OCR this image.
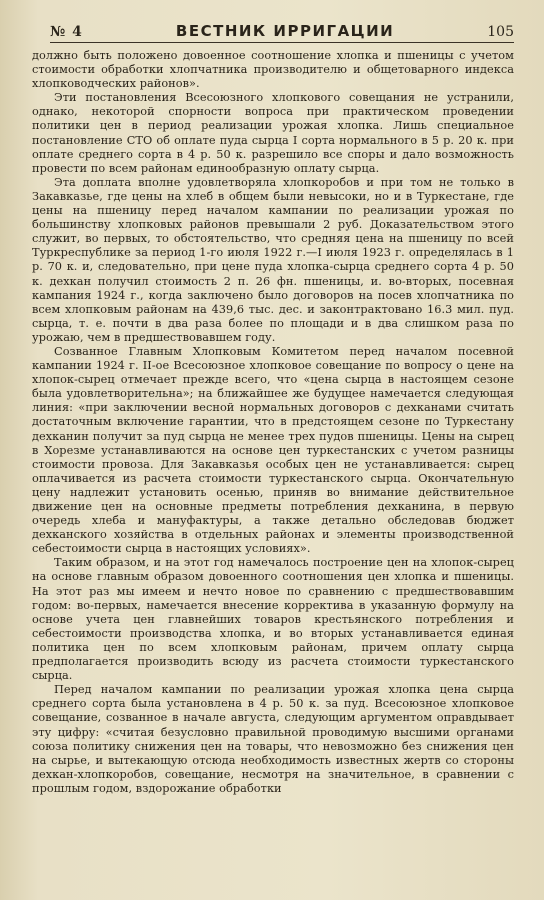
№ 4	ВЕСТНИК ИРРИГАЦИИ	105

должно быть положено довоенное соотношение хлопка и пшеницы с учетом стоимости обработки хлопчатника производителю и общетоварного индекса хлопководческих районов».

Эти постановления Всесоюзного хлопкового совещания не устранили, однако, некоторой спорности вопроса при практическом проведении политики цен в период реализации урожая хлопка. Лишь специальное постановление СТО об оплате пуда сырца I сорта нормального в 5 р. 20 к. при оплате среднего сорта в 4 р. 50 к. разрешило все споры и дало возможность провести по всем районам единообразную оплату сырца.

Эта доплата вполне удовлетворяла хлопкоробов и при том не только в Закавказье, где цены на хлеб в общем были невысоки, но и в Туркестане, где цены на пшеницу перед началом кампании по реализации урожая по большинству хлопковых районов превышали 2 руб. Доказательством этого служит, во первых, то обстоятельство, что средняя цена на пшеницу по всей Туркреспублике за период 1-го июля 1922 г.—I июля 1923 г. определялась в 1 р. 70 к. и, следовательно, при цене пуда хлопка-сырца среднего сорта 4 р. 50 к. дехкан получил стоимость 2 п. 26 фн. пшеницы, и. во-вторых, посевная кампания 1924 г., когда заключено было договоров на посев хлопчатника по всем хлопковым районам на 439,6 тыс. дес. и законтрактовано 16.3 мил. пуд. сырца, т. е. почти в два раза более по площади и в два слишком раза по урожаю, чем в предшествовавшем году.

Созванное Главным Хлопковым Комитетом перед началом посевной кампании 1924 г. II-ое Всесоюзное хлопковое совещание по вопросу о цене на хлопок-сырец отмечает прежде всего, что «цена сырца в настоящем сезоне была удовлетворительна»; на ближайшее же будущее намечается следующая линия: «при заключении весной нормальных договоров с дехканами считать достаточным включение гарантии, что в предстоящем сезоне по Туркестану дехканин получит за пуд сырца не менее трех пудов пшеницы. Цены на сырец в Хорезме устанавливаются на основе цен туркестанских с учетом разницы стоимости провоза. Для Закавказья особых цен не устанавливается: сырец оплачивается из расчета стоимости туркестанского сырца. Окончательную цену надлежит установить осенью, приняв во внимание действительное движение цен на основные предметы потребления дехканина, в первую очередь хлеба и мануфактуры, а также детально обследовав бюджет дехканского хозяйства в отдельных районах и элементы производственной себестоимости сырца в настоящих условиях».

Таким образом, и на этот год намечалось построение цен на хлопок-сырец на основе главным образом довоенного соотношения цен хлопка и пшеницы. На этот раз мы имеем и нечто новое по сравнению с предшествовавшим годом: во-первых, намечается внесение корректива в указанную формулу на основе учета цен главнейших товаров крестьянского потребления и себестоимости производства хлопка, и во вторых устанавливается единая политика цен по всем хлопковым районам, причем оплату сырца предполагается производить всюду из расчета стоимости туркестанского сырца.

Перед началом кампании по реализации урожая хлопка цена сырца среднего сорта была установлена в 4 р. 50 к. за пуд. Всесоюзное хлопковое совещание, созванное в начале августа, следующим аргументом оправдывает эту цифру: «считая безусловно правильной проводимую высшими органами союза политику снижения цен на товары, что невозможно без снижения цен на сырье, и вытекающую отсюда необходимость известных жертв со стороны дехкан-хлопкоробов, совещание, несмотря на значительное, в сравнении с прошлым годом, вздорожание обработки
